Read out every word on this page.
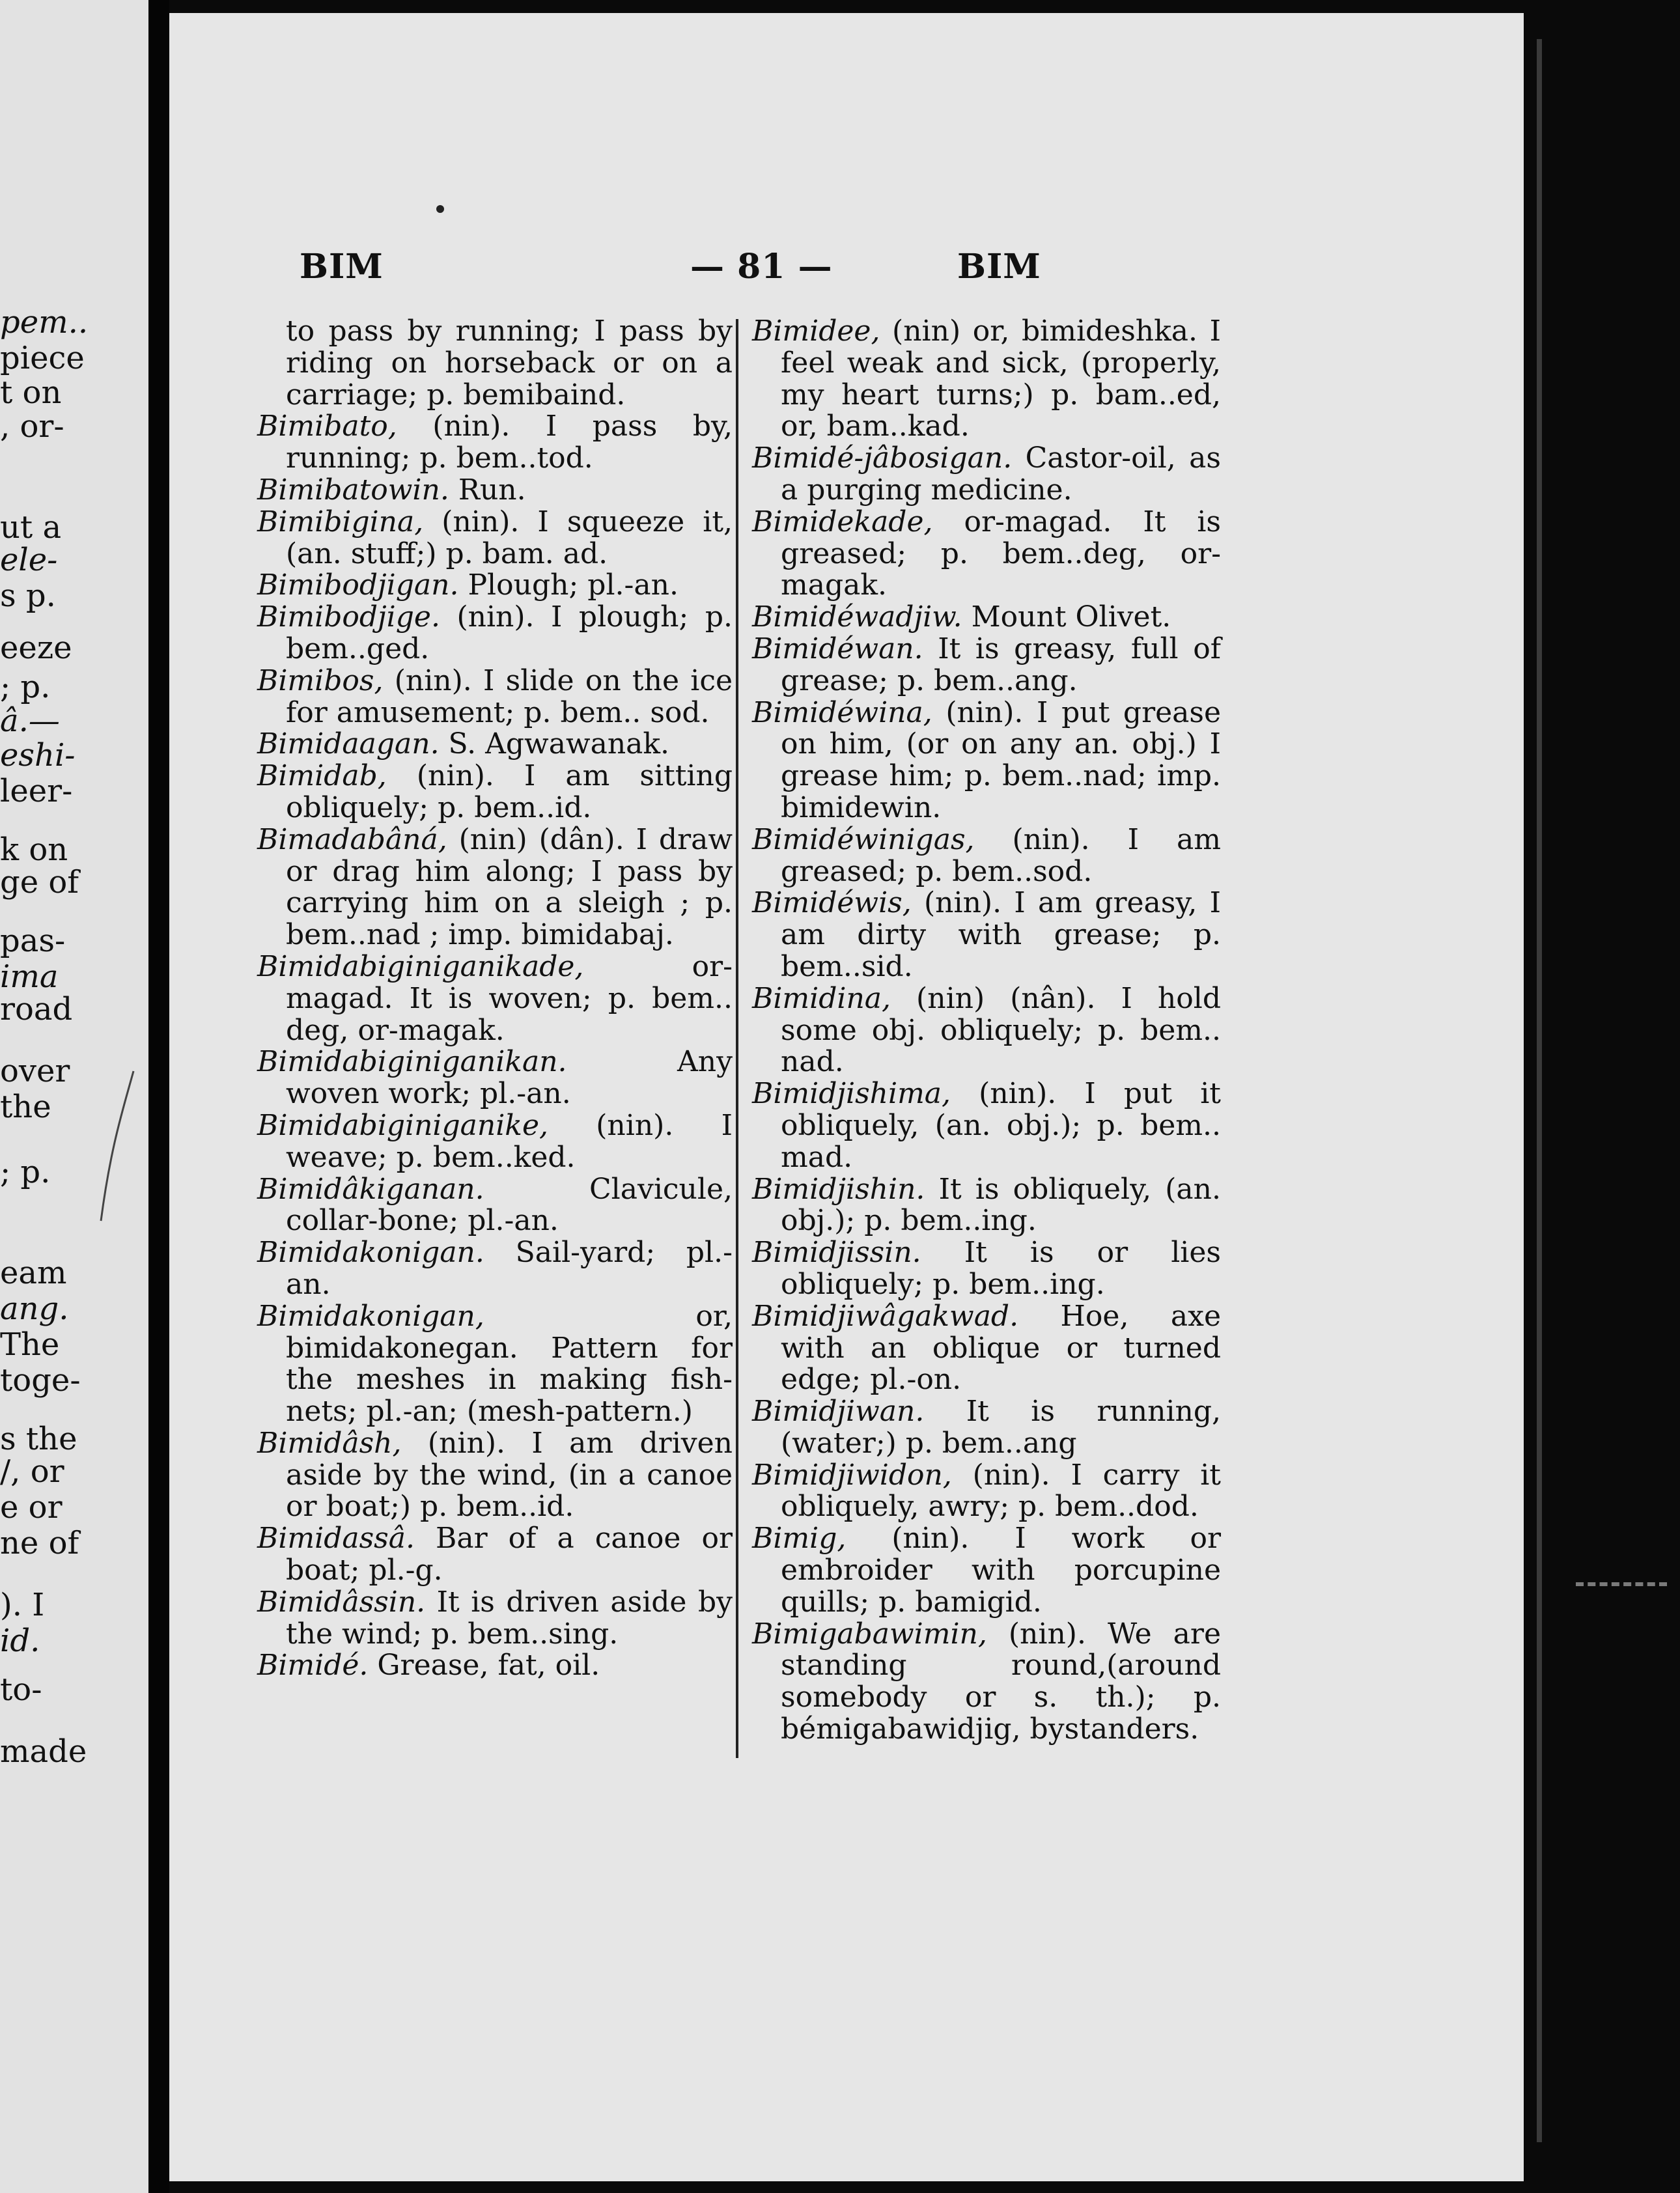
pem..
piece
t on
, or-
ut a
ele-
s p.
eeze
; p.
â.—
eshi-
leer-
k on
ge of
pas-
ima
road
over
the
; p.
eam
ang.
The
toge-
s the
/, or
e or
ne of
). I
id.
to-
made
BIM	— 81 —	BIM

to pass by running; I pass by riding on horseback or on a carriage; p. bemibaind.

Bimibato, (nin). I pass by, running; p. bem..tod.

Bimibatowin. Run.

Bimibigina, (nin). I squeeze it, (an. stuff;) p. bam. ad.

Bimibodjigan. Plough; pl.-an.

Bimibodjige. (nin). I plough; p. bem..ged.

Bimibos, (nin). I slide on the ice for amusement; p. bem.. sod.

Bimidaagan. S. Agwawanak.

Bimidab, (nin). I am sitting obliquely; p. bem..id.

Bimadabâná, (nin) (dân). I draw or drag him along; I pass by carrying him on a sleigh ; p. bem..nad ; imp. bimidabaj.

Bimidabiginiganikade, or-magad. It is woven; p. bem.. deg, or-magak.

Bimidabiginiganikan. Any woven work; pl.-an.

Bimidabiginiganike, (nin). I weave; p. bem..ked.

Bimidâkiganan. Clavicule, collar-bone; pl.-an.

Bimidakonigan. Sail-yard; pl.-an.

Bimidakonigan, or, bimidakonegan. Pattern for the meshes in making fish-nets; pl.-an; (mesh-pattern.)

Bimidâsh, (nin). I am driven aside by the wind, (in a canoe or boat;) p. bem..id.

Bimidassâ. Bar of a canoe or boat; pl.-g.

Bimidâssin. It is driven aside by the wind; p. bem..sing.

Bimidé. Grease, fat, oil.

Bimidee, (nin) or, bimideshka. I feel weak and sick, (properly, my heart turns;) p. bam..ed, or, bam..kad.

Bimidé-jâbosigan. Castor-oil, as a purging medicine.

Bimidekade, or-magad. It is greased; p. bem..deg, or-magak.

Bimidéwadjiw. Mount Olivet.

Bimidéwan. It is greasy, full of grease; p. bem..ang.

Bimidéwina, (nin). I put grease on him, (or on any an. obj.) I grease him; p. bem..nad; imp. bimidewin.

Bimidéwinigas, (nin). I am greased; p. bem..sod.

Bimidéwis, (nin). I am greasy, I am dirty with grease; p. bem..sid.

Bimidina, (nin) (nân). I hold some obj. obliquely; p. bem.. nad.

Bimidjishima, (nin). I put it obliquely, (an. obj.); p. bem.. mad.

Bimidjishin. It is obliquely, (an. obj.); p. bem..ing.

Bimidjissin. It is or lies obliquely; p. bem..ing.

Bimidjiwâgakwad. Hoe, axe with an oblique or turned edge; pl.-on.

Bimidjiwan. It is running, (water;) p. bem..ang

Bimidjiwidon, (nin). I carry it obliquely, awry; p. bem..dod.

Bimig, (nin). I work or embroider with porcupine quills; p. bamigid.

Bimigabawimin, (nin). We are standing round,(around somebody or s. th.); p. bémigabawidjig, bystanders.
